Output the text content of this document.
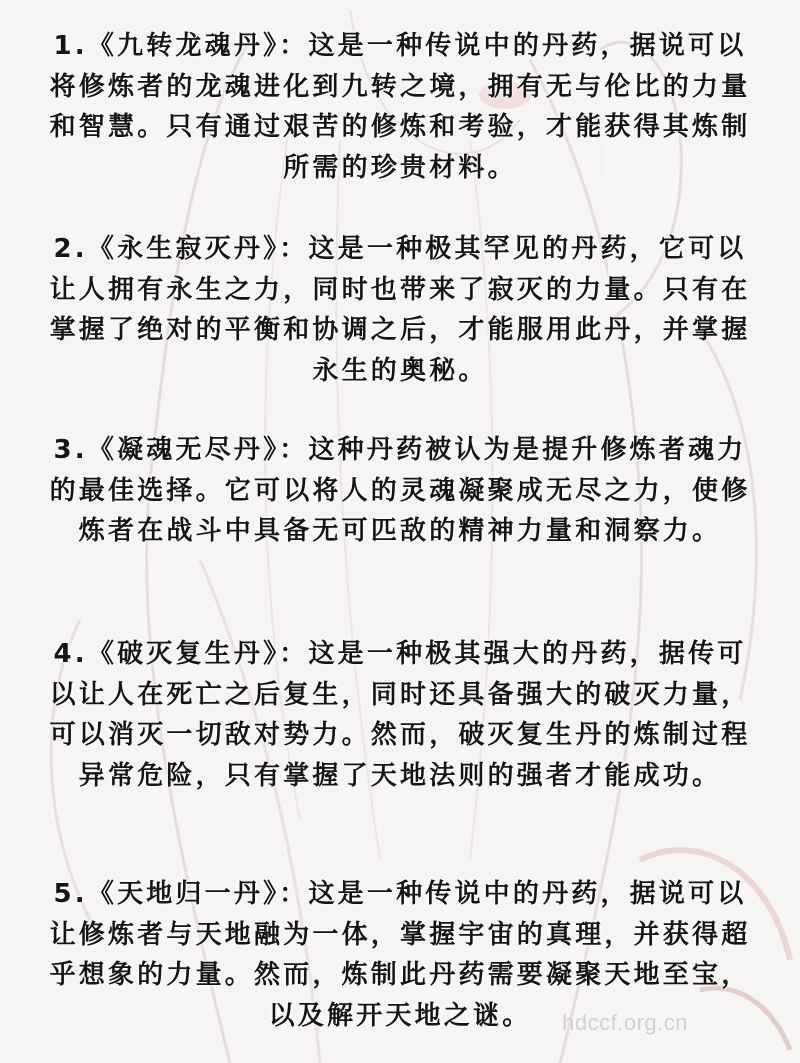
1.《九转龙魂丹》：这是一种传说中的丹药，据说可以将修炼者的龙魂进化到九转之境，拥有无与伦比的力量和智慧。只有通过艰苦的修炼和考验，才能获得其炼制所需的珍贵材料。

2.《永生寂灭丹》：这是一种极其罕见的丹药，它可以让人拥有永生之力，同时也带来了寂灭的力量。只有在掌握了绝对的平衡和协调之后，才能服用此丹，并掌握永生的奥秘。

3.《凝魂无尽丹》：这种丹药被认为是提升修炼者魂力的最佳选择。它可以将人的灵魂凝聚成无尽之力，使修炼者在战斗中具备无可匹敌的精神力量和洞察力。

4.《破灭复生丹》：这是一种极其强大的丹药，据传可以让人在死亡之后复生，同时还具备强大的破灭力量，可以消灭一切敌对势力。然而，破灭复生丹的炼制过程异常危险，只有掌握了天地法则的强者才能成功。

5.《天地归一丹》：这是一种传说中的丹药，据说可以让修炼者与天地融为一体，掌握宇宙的真理，并获得超乎想象的力量。然而，炼制此丹药需要凝聚天地至宝，以及解开天地之谜。	hdccf.org.cn
